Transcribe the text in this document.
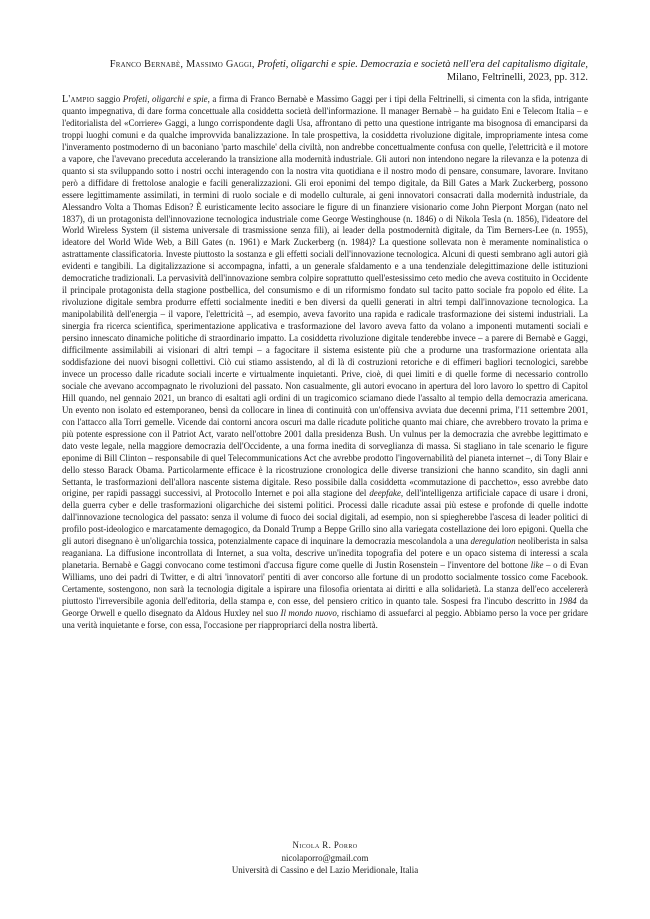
Franco Bernabè, Massimo Gaggi, Profeti, oligarchi e spie. Democrazia e società nell'era del capitalismo digitale,
Milano, Feltrinelli, 2023, pp. 312.
L'ampio saggio Profeti, oligarchi e spie, a firma di Franco Bernabè e Massimo Gaggi per i tipi della Feltrinelli, si cimenta con la sfida, intrigante quanto impegnativa, di dare forma concettuale alla cosiddetta società dell'informazione. Il manager Bernabè – ha guidato Eni e Telecom Italia – e l'editorialista del «Corriere» Gaggi, a lungo corrispondente dagli Usa, affrontano di petto una questione intrigante ma bisognosa di emanciparsi da troppi luoghi comuni e da qualche improvvida banalizzazione. In tale prospettiva, la cosiddetta rivoluzione digitale, impropriamente intesa come l'inveramento postmoderno di un baconiano 'parto maschile' della civiltà, non andrebbe concettualmente confusa con quelle, l'elettricità e il motore a vapore, che l'avevano preceduta accelerando la transizione alla modernità industriale. Gli autori non intendono negare la rilevanza e la potenza di quanto si sta sviluppando sotto i nostri occhi interagendo con la nostra vita quotidiana e il nostro modo di pensare, consumare, lavorare. Invitano però a diffidare di frettolose analogie e facili generalizzazioni. Gli eroi eponimi del tempo digitale, da Bill Gates a Mark Zuckerberg, possono essere legittimamente assimilati, in termini di ruolo sociale e di modello culturale, ai geni innovatori consacrati dalla modernità industriale, da Alessandro Volta a Thomas Edison? È euristicamente lecito associare le figure di un finanziere visionario come John Pierpont Morgan (nato nel 1837), di un protagonista dell'innovazione tecnologica industriale come George Westinghouse (n. 1846) o di Nikola Tesla (n. 1856), l'ideatore del World Wireless System (il sistema universale di trasmissione senza fili), ai leader della postmodernità digitale, da Tim Berners-Lee (n. 1955), ideatore del World Wide Web, a Bill Gates (n. 1961) e Mark Zuckerberg (n. 1984)? La questione sollevata non è meramente nominalistica o astrattamente classificatoria. Investe piuttosto la sostanza e gli effetti sociali dell'innovazione tecnologica. Alcuni di questi sembrano agli autori già evidenti e tangibili. La digitalizzazione si accompagna, infatti, a un generale sfaldamento e a una tendenziale delegittimazione delle istituzioni democratiche tradizionali. La pervasività dell'innovazione sembra colpire soprattutto quell'estesissimo ceto medio che aveva costituito in Occidente il principale protagonista della stagione postbellica, del consumismo e di un riformismo fondato sul tacito patto sociale fra popolo ed élite. La rivoluzione digitale sembra produrre effetti socialmente inediti e ben diversi da quelli generati in altri tempi dall'innovazione tecnologica. La manipolabilità dell'energia – il vapore, l'elettricità –, ad esempio, aveva favorito una rapida e radicale trasformazione dei sistemi industriali. La sinergia fra ricerca scientifica, sperimentazione applicativa e trasformazione del lavoro aveva fatto da volano a imponenti mutamenti sociali e persino innescato dinamiche politiche di straordinario impatto. La cosiddetta rivoluzione digitale tenderebbe invece – a parere di Bernabè e Gaggi, difficilmente assimilabili ai visionari di altri tempi – a fagocitare il sistema esistente più che a produrne una trasformazione orientata alla soddisfazione dei nuovi bisogni collettivi. Ciò cui stiamo assistendo, al di là di costruzioni retoriche e di effimeri bagliori tecnologici, sarebbe invece un processo dalle ricadute sociali incerte e virtualmente inquietanti. Prive, cioè, di quei limiti e di quelle forme di necessario controllo sociale che avevano accompagnato le rivoluzioni del passato. Non casualmente, gli autori evocano in apertura del loro lavoro lo spettro di Capitol Hill quando, nel gennaio 2021, un branco di esaltati agli ordini di un tragicomico sciamano diede l'assalto al tempio della democrazia americana. Un evento non isolato ed estemporaneo, bensì da collocare in linea di continuità con un'offensiva avviata due decenni prima, l'11 settembre 2001, con l'attacco alla Torri gemelle. Vicende dai contorni ancora oscuri ma dalle ricadute politiche quanto mai chiare, che avrebbero trovato la prima e più potente espressione con il Patriot Act, varato nell'ottobre 2001 dalla presidenza Bush. Un vulnus per la democrazia che avrebbe legittimato e dato veste legale, nella maggiore democrazia dell'Occidente, a una forma inedita di sorveglianza di massa. Si stagliano in tale scenario le figure eponime di Bill Clinton – responsabile di quel Telecommunications Act che avrebbe prodotto l'ingovernabilità del pianeta internet –, di Tony Blair e dello stesso Barack Obama. Particolarmente efficace è la ricostruzione cronologica delle diverse transizioni che hanno scandito, sin dagli anni Settanta, le trasformazioni dell'allora nascente sistema digitale. Reso possibile dalla cosiddetta «commutazione di pacchetto», esso avrebbe dato origine, per rapidi passaggi successivi, al Protocollo Internet e poi alla stagione del deepfake, dell'intelligenza artificiale capace di usare i droni, della guerra cyber e delle trasformazioni oligarchiche dei sistemi politici. Processi dalle ricadute assai più estese e profonde di quelle indotte dall'innovazione tecnologica del passato: senza il volume di fuoco dei social digitali, ad esempio, non si spiegherebbe l'ascesa di leader politici di profilo post-ideologico e marcatamente demagogico, da Donald Trump a Beppe Grillo sino alla variegata costellazione dei loro epigoni. Quella che gli autori disegnano è un'oligarchia tossica, potenzialmente capace di inquinare la democrazia mescolandola a una deregulation neoliberista in salsa reaganiana. La diffusione incontrollata di Internet, a sua volta, descrive un'inedita topografia del potere e un opaco sistema di interessi a scala planetaria. Bernabè e Gaggi convocano come testimoni d'accusa figure come quelle di Justin Rosenstein – l'inventore del bottone like – o di Evan Williams, uno dei padri di Twitter, e di altri 'innovatori' pentiti di aver concorso alle fortune di un prodotto socialmente tossico come Facebook. Certamente, sostengono, non sarà la tecnologia digitale a ispirare una filosofia orientata ai diritti e alla solidarietà. La stanza dell'eco accelererà piuttosto l'irreversibile agonia dell'editoria, della stampa e, con esse, del pensiero critico in quanto tale. Sospesi fra l'incubo descritto in 1984 da George Orwell e quello disegnato da Aldous Huxley nel suo Il mondo nuovo, rischiamo di assuefarci al peggio. Abbiamo perso la voce per gridare una verità inquietante e forse, con essa, l'occasione per riappropriarci della nostra libertà.
Nicola R. Porro
nicolaporro@gmail.com
Università di Cassino e del Lazio Meridionale, Italia
